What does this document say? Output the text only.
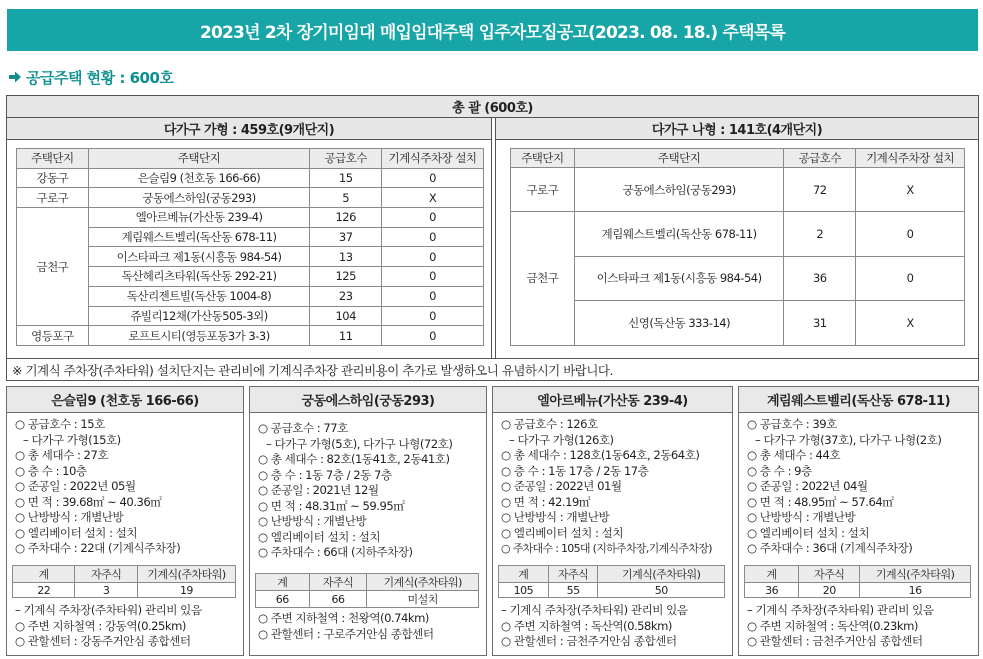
2023년 2차 장기미임대 매입임대주택 입주자모집공고(2023. 08. 18.) 주택목록
공급주택 현황 : 600호
총 괄 (600호)
다가구 가형 : 459호(9개단지)
주택단지	주택단지	공급호수	기계식주차장 설치
강동구	은슬림9 (천호동 166-66)	15	0
구로구	궁동에스하임(궁동293)	5	X
금천구	엘아르베뉴(가산동 239-4)	126	0
	계림웨스트벨리(독산동 678-11)	37	0
	이스타파크 제1동(시흥동 984-54)	13	0
	독산헤리츠타워(독산동 292-21)	125	0
	독산리젠트빌(독산동 1004-8)	23	0
	쥬빌리12채(가산동505-3외)	104	0
영등포구	로프트시티(영등포동3가 3-3)	11	0
다가구 나형 : 141호(4개단지)
주택단지	주택단지	공급호수	기계식주차장 설치
구로구	궁동에스하임(궁동293)	72	X
금천구	계림웨스트벨리(독산동 678-11)	2	0
	이스타파크 제1동(시흥동 984-54)	36	0
	신영(독산동 333-14)	31	X
※ 기계식 주차장(주차타워) 설치단지는 관리비에 기계식주차장 관리비용이 추가로 발생하오니 유념하시기 바랍니다.
은슬림9 (천호동 166-66)
○ 공급호수 : 15호
– 다가구 가형(15호)
○ 총 세대수 : 27호
○ 층 수 : 10층
○ 준공일 : 2022년 05월
○ 면 적 : 39.68㎡ ~ 40.36㎡
○ 난방방식 : 개별난방
○ 엘리베이터 설치 : 설치
○ 주차대수 : 22대 (기계식주차장)
계	자주식	기계식(주차타워)
22	3	19
– 기계식 주차장(주차타워) 관리비 있음
○ 주변 지하철역 : 강동역(0.25km)
○ 관할센터 : 강동주거안심 종합센터
궁동에스하임(궁동293)
○ 공급호수 : 77호
– 다가구 가형(5호), 다가구 나형(72호)
○ 총 세대수 : 82호(1동41호, 2동41호)
○ 층 수 : 1동 7층 / 2동 7층
○ 준공일 : 2021년 12월
○ 면 적 : 48.31㎡ ~ 59.95㎡
○ 난방방식 : 개별난방
○ 엘리베이터 설치 : 설치
○ 주차대수 : 66대 (지하주차장)
계	자주식	기계식(주차타워)
66	66	미설치
○ 주변 지하철역 : 천왕역(0.74km)
○ 관할센터 : 구로주거안심 종합센터
엘아르베뉴(가산동 239-4)
○ 공급호수 : 126호
– 다가구 가형(126호)
○ 총 세대수 : 128호(1동64호, 2동64호)
○ 층 수 : 1동 17층 / 2동 17층
○ 준공일 : 2022년 01월
○ 면 적 : 42.19㎡
○ 난방방식 : 개별난방
○ 엘리베이터 설치 : 설치
○ 주차대수 : 105대 (지하주차장,기계식주차장)
계	자주식	기계식(주차타워)
105	55	50
– 기계식 주차장(주차타워) 관리비 있음
○ 주변 지하철역 : 독산역(0.58km)
○ 관할센터 : 금천주거안심 종합센터
계림웨스트벨리(독산동 678-11)
○ 공급호수 : 39호
– 다가구 가형(37호), 다가구 나형(2호)
○ 총 세대수 : 44호
○ 층 수 : 9층
○ 준공일 : 2022년 04월
○ 면 적 : 48.95㎡ ~ 57.64㎡
○ 난방방식 : 개별난방
○ 엘리베이터 설치 : 설치
○ 주차대수 : 36대 (기계식주차장)
계	자주식	기계식(주차타워)
36	20	16
– 기계식 주차장(주차타워) 관리비 있음
○ 주변 지하철역 : 독산역(0.23km)
○ 관할센터 : 금천주거안심 종합센터
